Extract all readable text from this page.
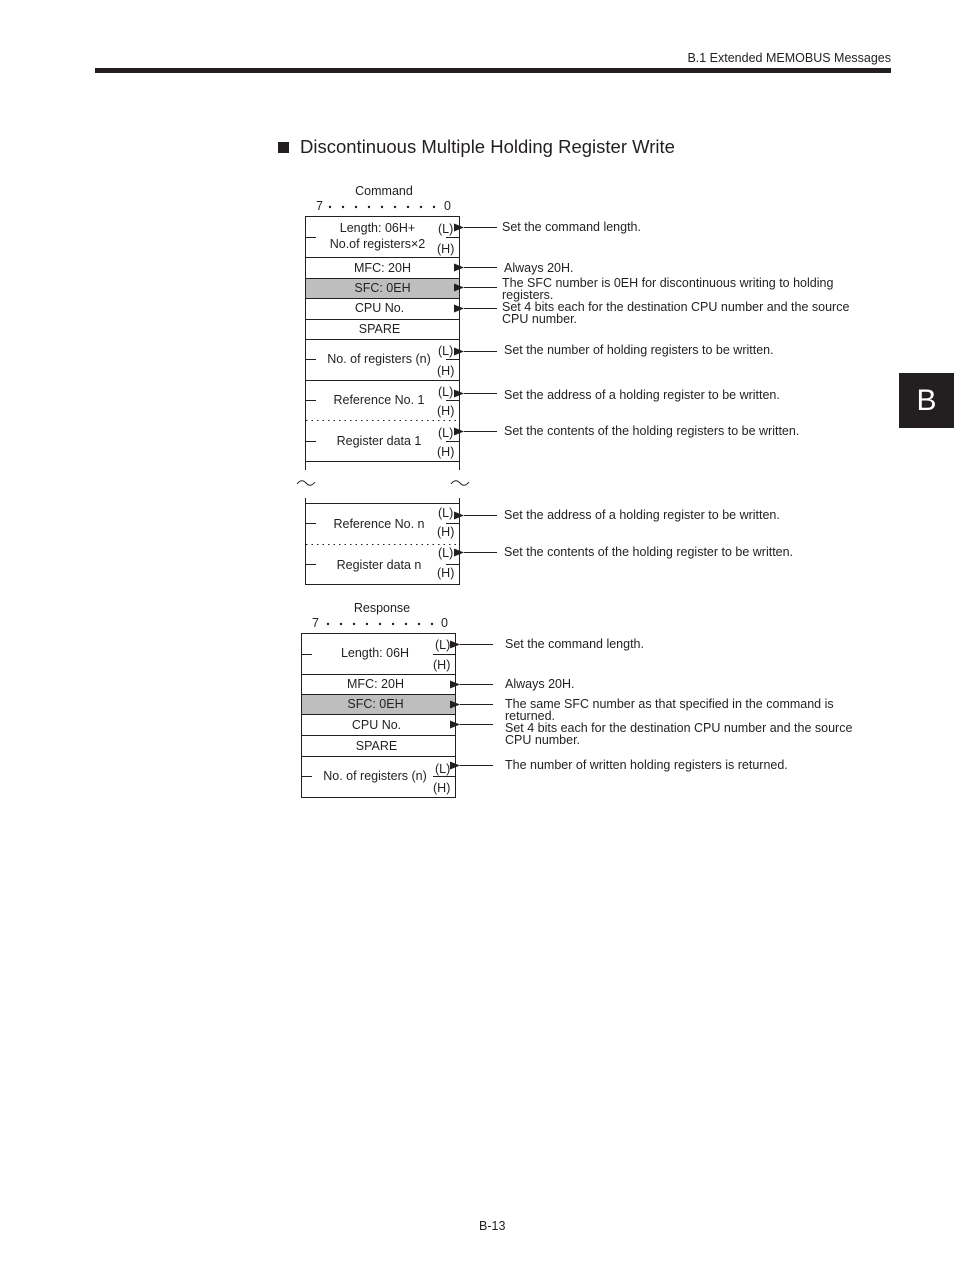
B.1 Extended MEMOBUS Messages
B
Discontinuous Multiple Holding Register Write
Command
7	0
Length: 06H+
No.of registers×2
MFC: 20H
SFC: 0EH
CPU No.
SPARE
No. of registers (n)
Reference No. 1
Register data 1
Reference No. n
Register data n
(L)
(H)
(L)
(H)
(L)
(H)
(L)
(H)
(L)
(H)
(L)
(H)
Set the command length.
Always 20H.
The SFC number is 0EH for discontinuous writing to holding registers.
Set 4 bits each for the destination CPU number and the source CPU number.
Set the number of holding registers to be written.
Set the address of a holding register to be written.
Set the contents of the holding registers to be written.
Set the address of a holding register to be written.
Set the contents of the holding register to be written.
Response
7	0
Length: 06H
MFC: 20H
SFC: 0EH
CPU No.
SPARE
No. of registers (n)
(L)
(H)
(L)
(H)
Set the command length.
Always 20H.
The same SFC number as that specified in the command is returned.
Set 4 bits each for the destination CPU number and the source CPU number.
The number of written holding registers is returned.
B-13
